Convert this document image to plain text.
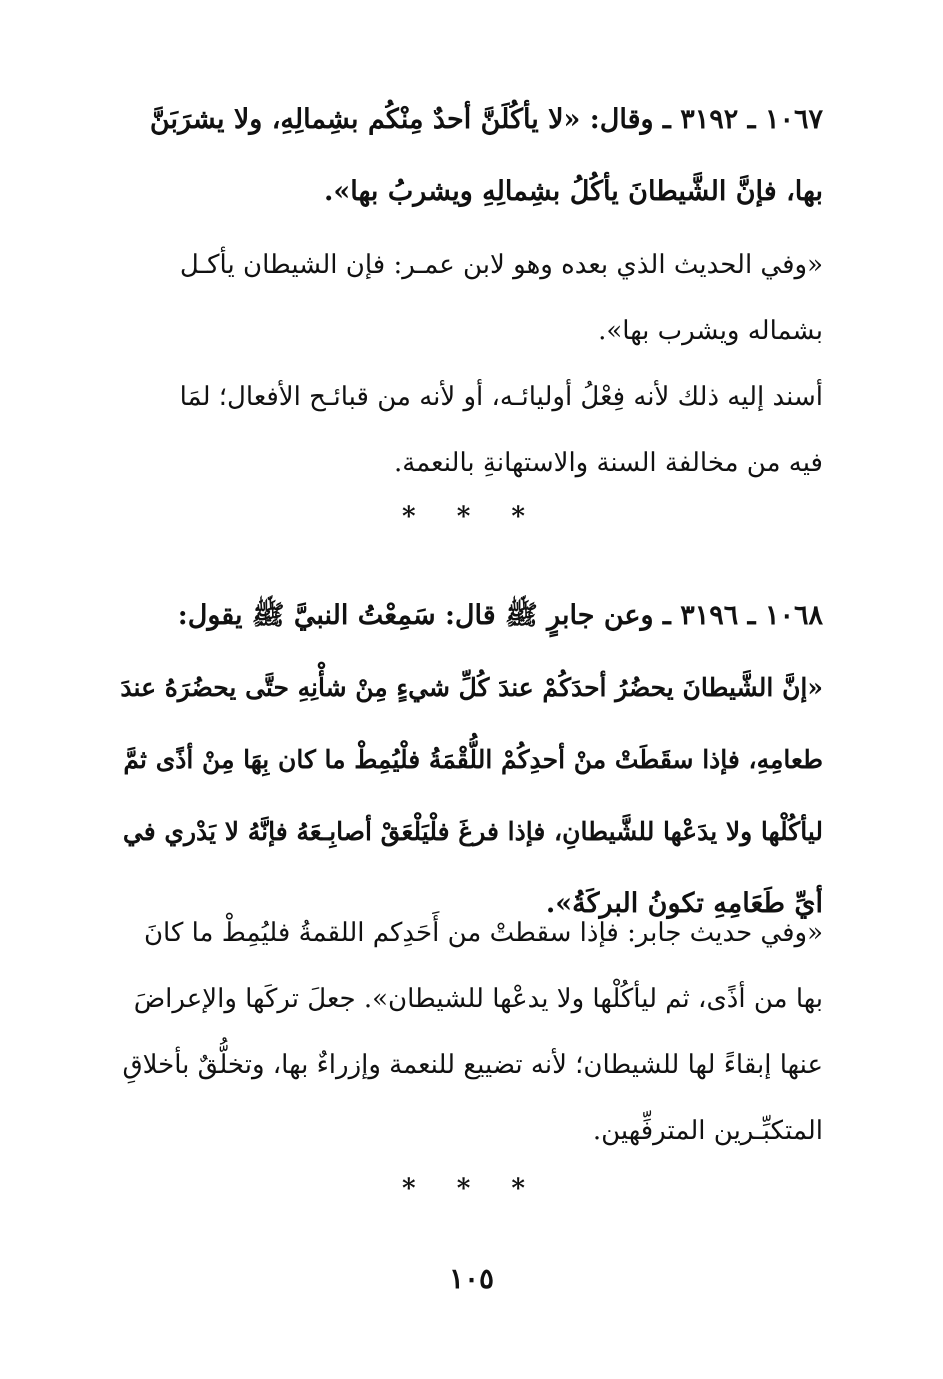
١٠٦٧ ـ ٣١٩٢ ـ وقال: «لا يأكُلَنَّ أحدٌ مِنْكُم بشِمالِهِ، ولا يشرَبَنَّ
بها، فإنَّ الشَّيطانَ يأكُلُ بشِمالِهِ ويشربُ بها».
«وفي الحديث الذي بعده وهو لابن عمـر: فإن الشيطان يأكـل
بشماله ويشرب بها».
أسند إليه ذلك لأنه فِعْلُ أوليائـه، أو لأنه من قبائـح الأفعال؛ لمَا
فيه من مخالفة السنة والاستهانةِ بالنعمة.
* * *
١٠٦٨ ـ ٣١٩٦ ـ وعن جابرٍ ﷺ قال: سَمِعْتُ النبيَّ ﷺ يقول:
«إنَّ الشَّيطانَ يحضُرُ أحدَكُمْ عندَ كُلِّ شيءٍ مِنْ شأْنِهِ حتَّى يحضُرَهُ عندَ
طعامِهِ، فإذا سقَطَتْ منْ أحدِكُمْ اللُّقْمَةُ فلْيُمِطْ ما كان بِهَا مِنْ أذًى ثمَّ
ليأكُلْها ولا يدَعْها للشَّيطانِ، فإذا فرغَ فلْيَلْعَقْ أصابِـعَهُ فإنَّهُ لا يَدْري في
أيِّ طَعَامِهِ تكونُ البركَةُ».
«وفي حديث جابر: فإذا سقطتْ من أَحَدِكم اللقمةُ فليُمِطْ ما كانَ
بها من أذًى، ثم ليأكُلْها ولا يدعْها للشيطان». جعلَ تركَها والإعراضَ
عنها إبقاءً لها للشيطان؛ لأنه تضييع للنعمة وإزراءٌ بها، وتخلُّقٌ بأخلاقِ
المتكبِّـرين المترفِّهين.
* * *
١٠٥
